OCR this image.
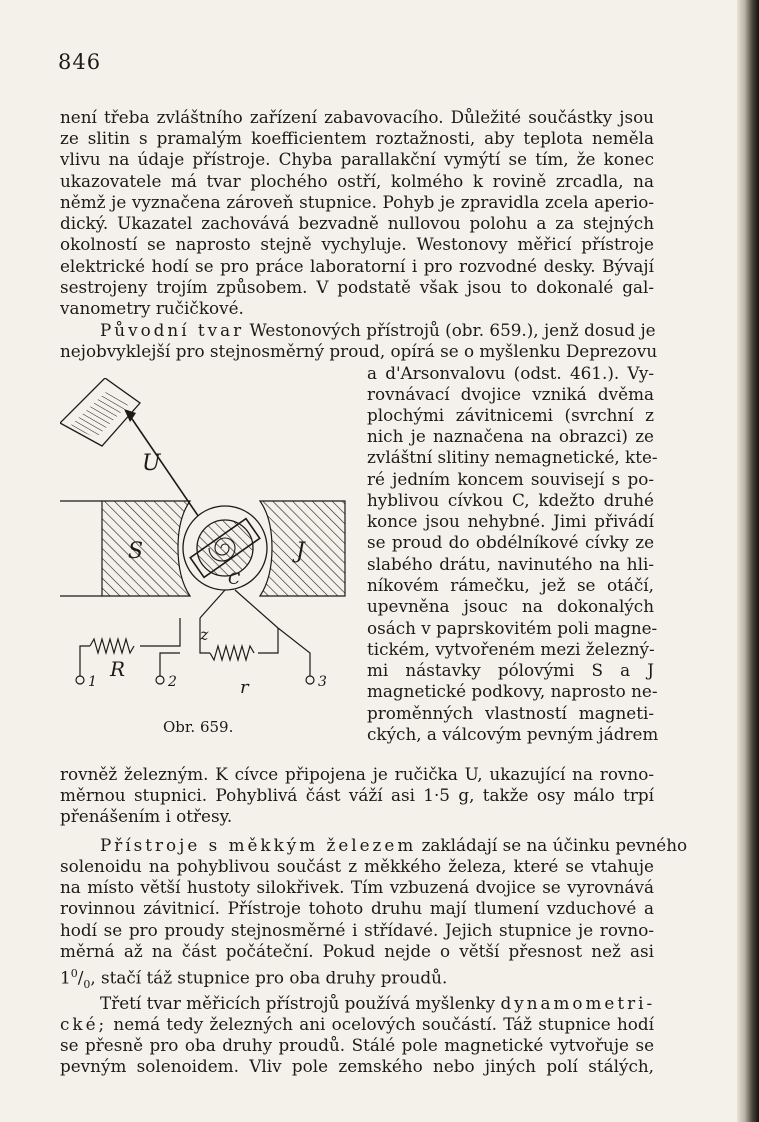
846
není třeba zvláštního zařízení zabavovacího. Důležité součástky jsou
ze slitin s pramalým koefficientem roztažnosti, aby teplota neměla
vlivu na údaje přístroje. Chyba parallakční vymýtí se tím, že konec
ukazovatele má tvar plochého ostří, kolmého k rovině zrcadla, na
němž je vyznačena zároveň stupnice. Pohyb je zpravidla zcela aperio-
dický. Ukazatel zachovává bezvadně nullovou polohu a za stejných
okolností se naprosto stejně vychyluje. Westonovy měřicí přístroje
elektrické hodí se pro práce laboratorní i pro rozvodné desky. Bývají
sestrojeny trojím způsobem. V podstatě však jsou to dokonalé gal-
vanometry ručičkové.
Původní tvar Westonových přístrojů (obr. 659.), jenž dosud je
nejobvyklejší pro stejnosměrný proud, opírá se o myšlenku Deprezovu
a d'Arsonvalovu (odst. 461.). Vy-
rovnávací dvojice vzniká dvěma
plochými závitnicemi (svrchní z
nich je naznačena na obrazci) ze
zvláštní slitiny nemagnetické, kte-
ré jedním koncem souvisejí s po-
hyblivou cívkou C, kdežto druhé
konce jsou nehybné. Jimi přivádí
se proud do obdélníkové cívky ze
slabého drátu, navinutého na hli-
níkovém rámečku, jež se otáčí,
upevněna jsouc na dokonalých
osách v paprskovitém poli magne-
tickém, vytvořeném mezi železný-
mi nástavky pólovými S a J
magnetické podkovy, naprosto ne-
proměnných vlastností magneti-
ckých, a válcovým pevným jádrem
U
S	J
C
1	2	3
R
r
z
Obr. 659.
rovněž železným. K cívce připojena je ručička U, ukazující na rovno-
měrnou stupnici. Pohyblivá část váží asi 1·5 g, takže osy málo trpí
přenášením i otřesy.
Přístroje s měkkým železem zakládají se na účinku pevného
solenoidu na pohyblivou součást z měkkého železa, které se vtahuje
na místo větší hustoty silokřivek. Tím vzbuzená dvojice se vyrovnává
rovinnou závitnicí. Přístroje tohoto druhu mají tlumení vzduchové a
hodí se pro proudy stejnosměrné i střídavé. Jejich stupnice je rovno-
měrná až na část počáteční. Pokud nejde o větší přesnost než asi
$1^0/_0$, stačí táž stupnice pro oba druhy proudů.
Třetí tvar měřicích přístrojů používá myšlenky dynamometri-
cké; nemá tedy železných ani ocelových součástí. Táž stupnice hodí
se přesně pro oba druhy proudů. Stálé pole magnetické vytvořuje se
pevným solenoidem. Vliv pole zemského nebo jiných polí stálých,
